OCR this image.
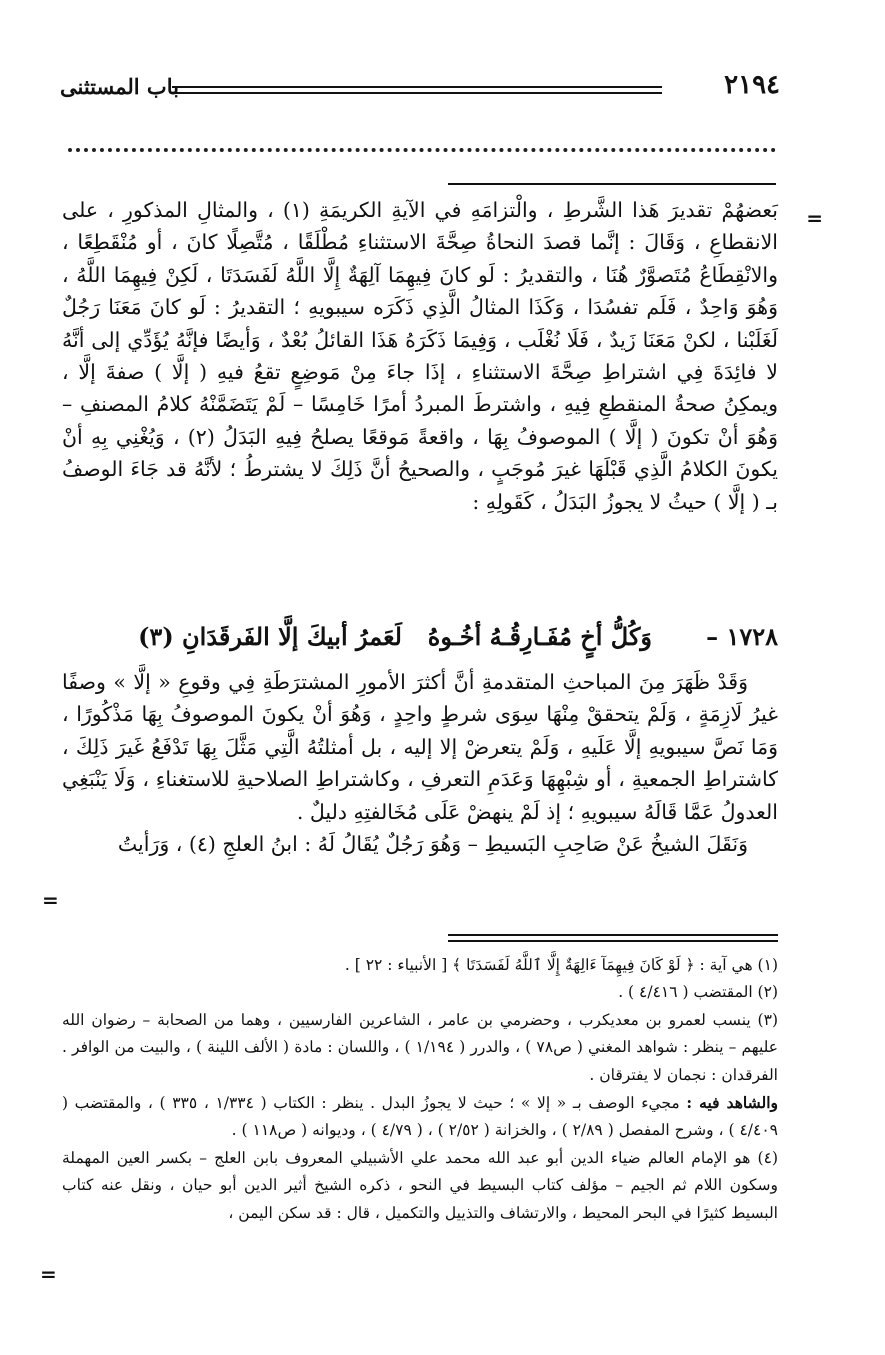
٢١٩٤
باب المستثنى
=

بَعضهُمْ تقديرَ هَذا الشَّرطِ ، والْتزامَهِ في الآيةِ الكريمَةِ (١) ، والمثالِ المذكورِ ، على الانقطاعِ ، وَقَالَ : إنَّما قصدَ النحاةُ صِحَّةَ الاستثناءِ مُطْلَقًا ، مُتَّصِلًا كانَ ، أو مُنْقَطِعًا ، والانْقِطَاعُ مُتَصوَّرٌ هُنَا ، والتقديرُ : لَو كانَ فِيهِمَا آلِهَةٌ إِلَّا اللَّهُ لَفَسَدَتَا ، لَكِنْ فِيهِمَا اللَّهُ ، وَهُوَ وَاحِدٌ ، فَلَم تفسُدَا ، وَكَذَا المثالُ الَّذِي ذَكَرَه سيبويهِ ؛ التقديرُ : لَو كانَ مَعَنَا رَجُلٌ لَغَلَبْنا ، لكنْ مَعَنَا زَيدٌ ، فَلَا نُغْلَب ، وَفِيمَا ذَكَرَهُ هَذَا القائلُ بُعْدٌ ، وَأيضًا فإنَّهُ يُؤَدِّي إلى أنَّهُ لا فائِدَةَ فِي اشتراطِ صِحَّةَ الاستثناءِ ، إذَا جاءَ مِنْ مَوضِعٍ تقعُ فيهِ ( إلَّا ) صفةَ إلَّا ، ويمكِنُ صحةُ المنقطعِ فِيهِ ، واشترطَ المبردُ أمرًا خَامِسًا – لَمْ يَتَضَمَّنْهُ كلامُ المصنفِ – وَهُوَ أنْ تكونَ ( إلَّا ) الموصوفُ بِهَا ، واقعةً مَوقعًا يصلحُ فِيهِ البَدَلُ (٢) ، وَيُغْنِي بِهِ أنْ يكونَ الكلامُ الَّذِي قَبْلَهَا غيرَ مُوجَبٍ ، والصحيحُ أنَّ ذَلِكَ لا يشترطُ ؛ لأنَّهُ قد جَاءَ الوصفُ بـ ( إلَّا ) حيثُ لا يجوزُ البَدَلُ ، كَقَولِهِ :

١٧٢٨ –
وَكُلُّ أخٍ مُفَـارِقُـهُ أخُـوهُ
لَعَمرُ أبيكَ إلَّا الفَرقَدَانِ (٣)

وَقَدْ ظَهَرَ مِنَ المباحثِ المتقدمةِ أنَّ أكثرَ الأمورِ المشترَطَةِ فِي وقوعِ « إلَّا » وصفًا غيرُ لَازِمَةٍ ، وَلَمْ يتحققْ مِنْهَا سِوَى شرطٍ واحِدٍ ، وَهُوَ أنْ يكونَ الموصوفُ بِهَا مَذْكُورًا ، وَمَا نَصَّ سيبويهِ إلَّا عَلَيهِ ، وَلَمْ يتعرضْ إلا إليه ، بل أمثلتُهُ الَّتِي مَثَّلَ بِهَا تَدْفَعُ غَيرَ ذَلِكَ ، كاشتراطِ الجمعيةِ ، أو شِبْهِهَا وَعَدَمِ التعرفِ ، وكاشتراطِ الصلاحيةِ للاستغناءِ ، وَلَا يَنْبَغِي العدولُ عَمَّا قَالَهُ سيبويهِ ؛ إذ لَمْ ينهضْ عَلَى مُخَالفتِهِ دليلٌ .

وَنَقَلَ الشيخُ عَنْ صَاحِبِ البَسيطِ – وَهُوَ رَجُلٌ يُقَالُ لَهُ : ابنُ العلجِ (٤) ، وَرَأيتُ

=

(١) هي آية : ﴿ لَوْ كَانَ فِيهِمَآ ءَالِهَةٌ إِلَّا ٱللَّهُ لَفَسَدَتَا ﴾ [ الأنبياء : ٢٢ ] .

(٢) المقتضب ( ٤/٤١٦ ) .

(٣) ينسب لعمرو بن معديكرب ، وحضرمي بن عامر ، الشاعرين الفارسيين ، وهما من الصحابة – رضوان الله عليهم – ينظر : شواهد المغني ( ص٧٨ ) ، والدرر ( ١/١٩٤ ) ، واللسان : مادة ( الألف اللينة ) ، والبيت من الوافر . الفرقدان : نجمان لا يفترقان .

والشاهد فيه : مجيء الوصف بـ « إلا » ؛ حيث لا يجوزُ البدل . ينظر : الكتاب ( ١/٣٣٤ ، ٣٣٥ ) ، والمقتضب ( ٤/٤٠٩ ) ، وشرح المفصل ( ٢/٨٩ ) ، والخزانة ( ٢/٥٢ ) ، ( ٤/٧٩ ) ، وديوانه ( ص١١٨ ) .

(٤) هو الإمام العالم ضياء الدين أبو عبد الله محمد علي الأشبيلي المعروف بابن العلج – بكسر العين المهملة وسكون اللام ثم الجيم – مؤلف كتاب البسيط في النحو ، ذكره الشيخ أثير الدين أبو حيان ، ونقل عنه كتاب البسيط كثيرًا في البحر المحيط ، والارتشاف والتذييل والتكميل ، قال : قد سكن اليمن ،

=
